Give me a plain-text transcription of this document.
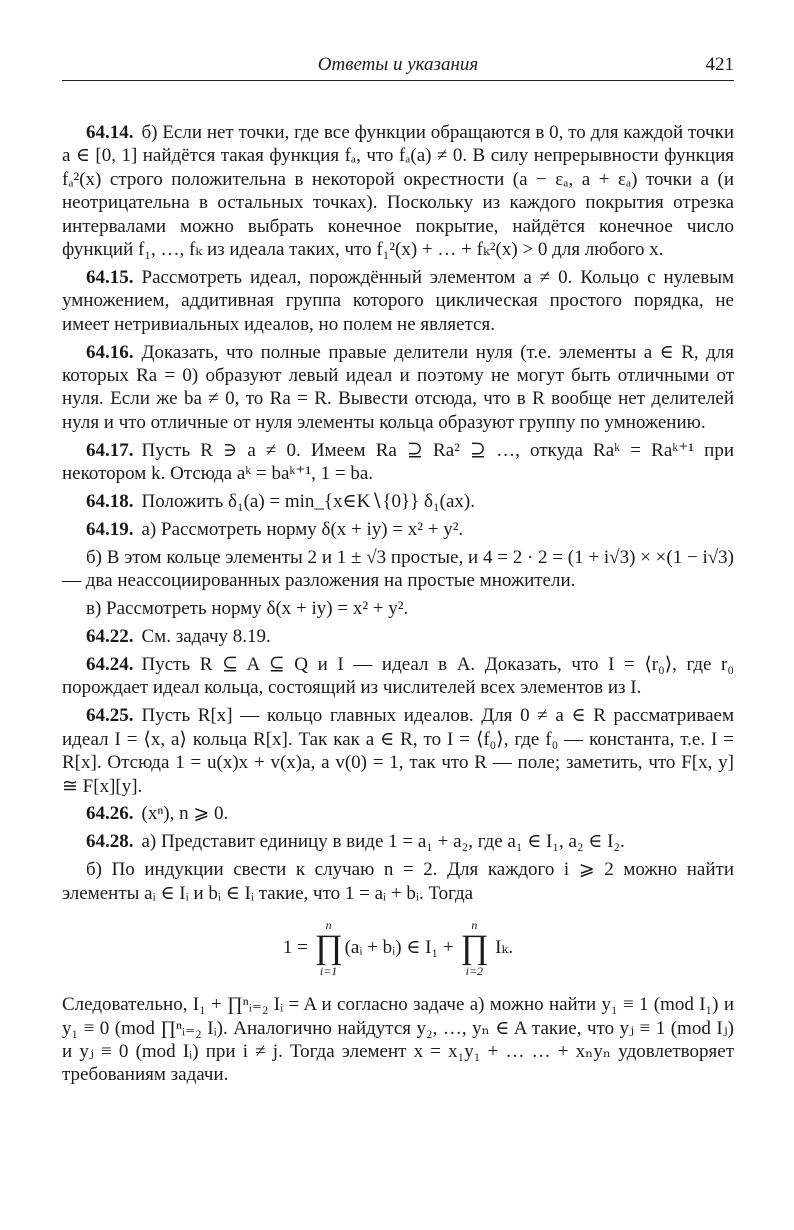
Ответы и указания	421

64.14. б) Если нет точки, где все функции обращаются в 0, то для каждой точки a ∈ [0, 1] найдётся такая функция fₐ, что fₐ(a) ≠ 0. В силу непрерывности функция fₐ²(x) строго положительна в некоторой окрестности (a − εₐ, a + εₐ) точки a (и неотрицательна в остальных точках). Поскольку из каждого покрытия отрезка интервалами можно выбрать конечное покрытие, найдётся конечное число функций f₁, …, fₖ из идеала таких, что f₁²(x) + … + fₖ²(x) > 0 для любого x.

64.15. Рассмотреть идеал, порождённый элементом a ≠ 0. Кольцо с нулевым умножением, аддитивная группа которого циклическая простого порядка, не имеет нетривиальных идеалов, но полем не является.

64.16. Доказать, что полные правые делители нуля (т.е. элементы a ∈ R, для которых Ra = 0) образуют левый идеал и поэтому не могут быть отличными от нуля. Если же ba ≠ 0, то Ra = R. Вывести отсюда, что в R вообще нет делителей нуля и что отличные от нуля элементы кольца образуют группу по умножению.

64.17. Пусть R ∋ a ≠ 0. Имеем Ra ⊇ Ra² ⊇ …, откуда Raᵏ = Raᵏ⁺¹ при некотором k. Отсюда aᵏ = baᵏ⁺¹, 1 = ba.

64.18. Положить δ₁(a) = min_{x∈K∖{0}} δ₁(ax).

64.19. а) Рассмотреть норму δ(x + iy) = x² + y².

б) В этом кольце элементы 2 и 1 ± √3 простые, и 4 = 2 · 2 = (1 + i√3) × ×(1 − i√3) — два неассоциированных разложения на простые множители.

в) Рассмотреть норму δ(x + iy) = x² + y².

64.22. См. задачу 8.19.

64.24. Пусть R ⊆ A ⊆ Q и I — идеал в A. Доказать, что I = ⟨r₀⟩, где r₀ порождает идеал кольца, состоящий из числителей всех элементов из I.

64.25. Пусть R[x] — кольцо главных идеалов. Для 0 ≠ a ∈ R рассматриваем идеал I = ⟨x, a⟩ кольца R[x]. Так как a ∈ R, то I = ⟨f₀⟩, где f₀ — константа, т.е. I = R[x]. Отсюда 1 = u(x)x + v(x)a, а v(0) = 1, так что R — поле; заметить, что F[x, y] ≅ F[x][y].

64.26. (xⁿ), n ⩾ 0.

64.28. а) Представит единицу в виде 1 = a₁ + a₂, где a₁ ∈ I₁, a₂ ∈ I₂.

б) По индукции свести к случаю n = 2. Для каждого i ⩾ 2 можно найти элементы aᵢ ∈ Iᵢ и bᵢ ∈ Iᵢ такие, что 1 = aᵢ + bᵢ. Тогда

1 =
n
∏
i=1
(aᵢ + bᵢ) ∈ I₁ +
n
∏
i=2
Iₖ.

Следовательно, I₁ + ∏ⁿᵢ₌₂ Iᵢ = A и согласно задаче а) можно найти y₁ ≡ 1 (mod I₁) и y₁ ≡ 0 (mod ∏ⁿᵢ₌₂ Iᵢ). Аналогично найдутся y₂, …, yₙ ∈ A такие, что yⱼ ≡ 1 (mod Iⱼ) и yⱼ ≡ 0 (mod Iᵢ) при i ≠ j. Тогда элемент x = x₁y₁ + … … + xₙyₙ удовлетворяет требованиям задачи.
